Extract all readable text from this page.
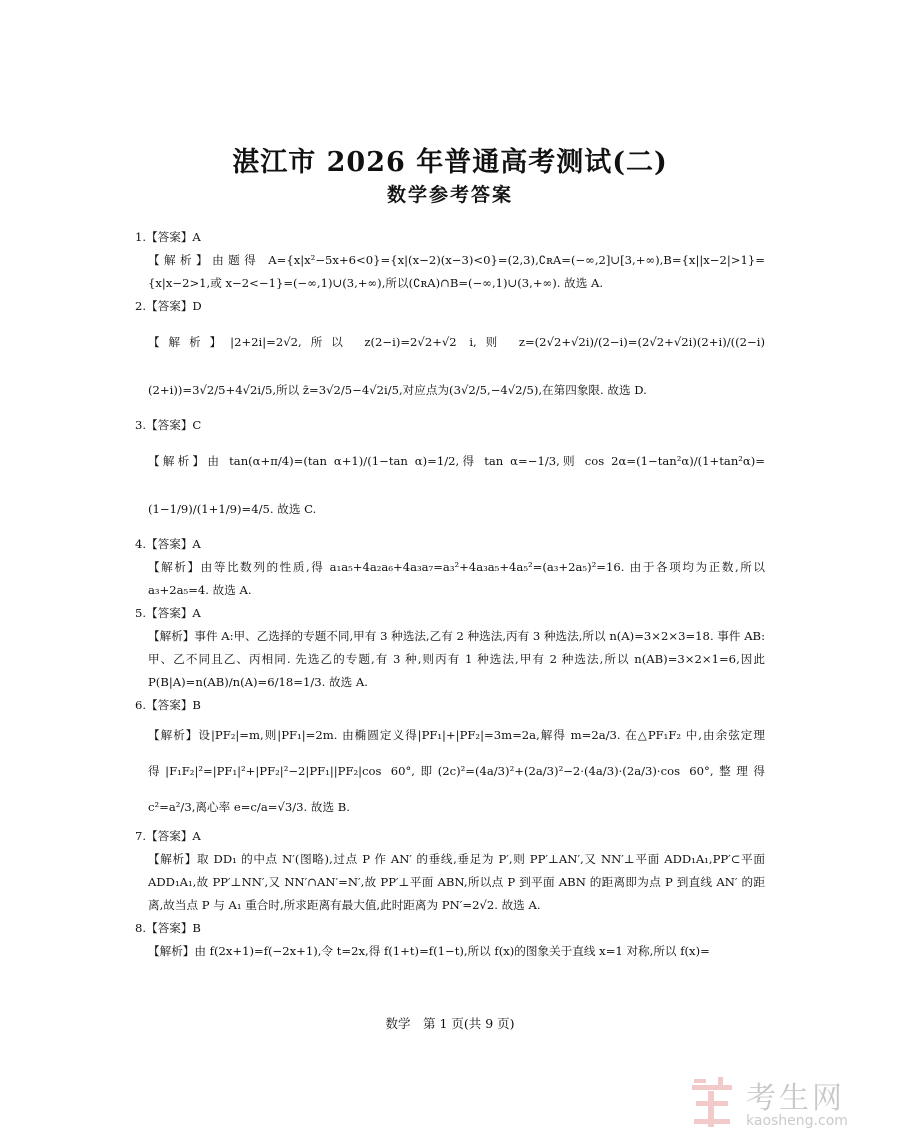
湛江市 2026 年普通高考测试(二)
数学参考答案

1.【答案】A

【解析】由题得 A={x|x²−5x+6<0}={x|(x−2)(x−3)<0}=(2,3),∁ʀA=(−∞,2]∪[3,+∞),B={x||x−2|>1}={x|x−2>1,或 x−2<−1}=(−∞,1)∪(3,+∞),所以(∁ʀA)∩B=(−∞,1)∪(3,+∞). 故选 A.

2.【答案】D

【解析】|2+2i|=2√2,所以 z(2−i)=2√2+√2 i,则 z=(2√2+√2i)/(2−i)=(2√2+√2i)(2+i)/((2−i)(2+i))=3√2/5+4√2i/5,所以 z̄=3√2/5−4√2i/5,对应点为(3√2/5,−4√2/5),在第四象限. 故选 D.

3.【答案】C

【解析】由 tan(α+π/4)=(tan α+1)/(1−tan α)=1/2,得 tan α=−1/3,则 cos 2α=(1−tan²α)/(1+tan²α)=(1−1/9)/(1+1/9)=4/5. 故选 C.

4.【答案】A

【解析】由等比数列的性质,得 a₁a₅+4a₂a₆+4a₃a₇=a₃²+4a₃a₅+4a₅²=(a₃+2a₅)²=16. 由于各项均为正数,所以 a₃+2a₅=4. 故选 A.

5.【答案】A

【解析】事件 A:甲、乙选择的专题不同,甲有 3 种选法,乙有 2 种选法,丙有 3 种选法,所以 n(A)=3×2×3=18. 事件 AB:甲、乙不同且乙、丙相同. 先选乙的专题,有 3 种,则丙有 1 种选法,甲有 2 种选法,所以 n(AB)=3×2×1=6,因此 P(B|A)=n(AB)/n(A)=6/18=1/3. 故选 A.

6.【答案】B

【解析】设|PF₂|=m,则|PF₁|=2m. 由椭圆定义得|PF₁|+|PF₂|=3m=2a,解得 m=2a/3. 在△PF₁F₂ 中,由余弦定理得|F₁F₂|²=|PF₁|²+|PF₂|²−2|PF₁||PF₂|cos 60°,即(2c)²=(4a/3)²+(2a/3)²−2·(4a/3)·(2a/3)·cos 60°,整理得 c²=a²/3,离心率 e=c/a=√3/3. 故选 B.

7.【答案】A

【解析】取 DD₁ 的中点 N′(图略),过点 P 作 AN′ 的垂线,垂足为 P′,则 PP′⊥AN′,又 NN′⊥平面 ADD₁A₁,PP′⊂平面 ADD₁A₁,故 PP′⊥NN′,又 NN′∩AN′=N′,故 PP′⊥平面 ABN,所以点 P 到平面 ABN 的距离即为点 P 到直线 AN′ 的距离,故当点 P 与 A₁ 重合时,所求距离有最大值,此时距离为 PN′=2√2. 故选 A.

8.【答案】B

【解析】由 f(2x+1)=f(−2x+1),令 t=2x,得 f(1+t)=f(1−t),所以 f(x)的图象关于直线 x=1 对称,所以 f(x)=

数学　第 1 页(共 9 页)
考生网
kaosheng.com
